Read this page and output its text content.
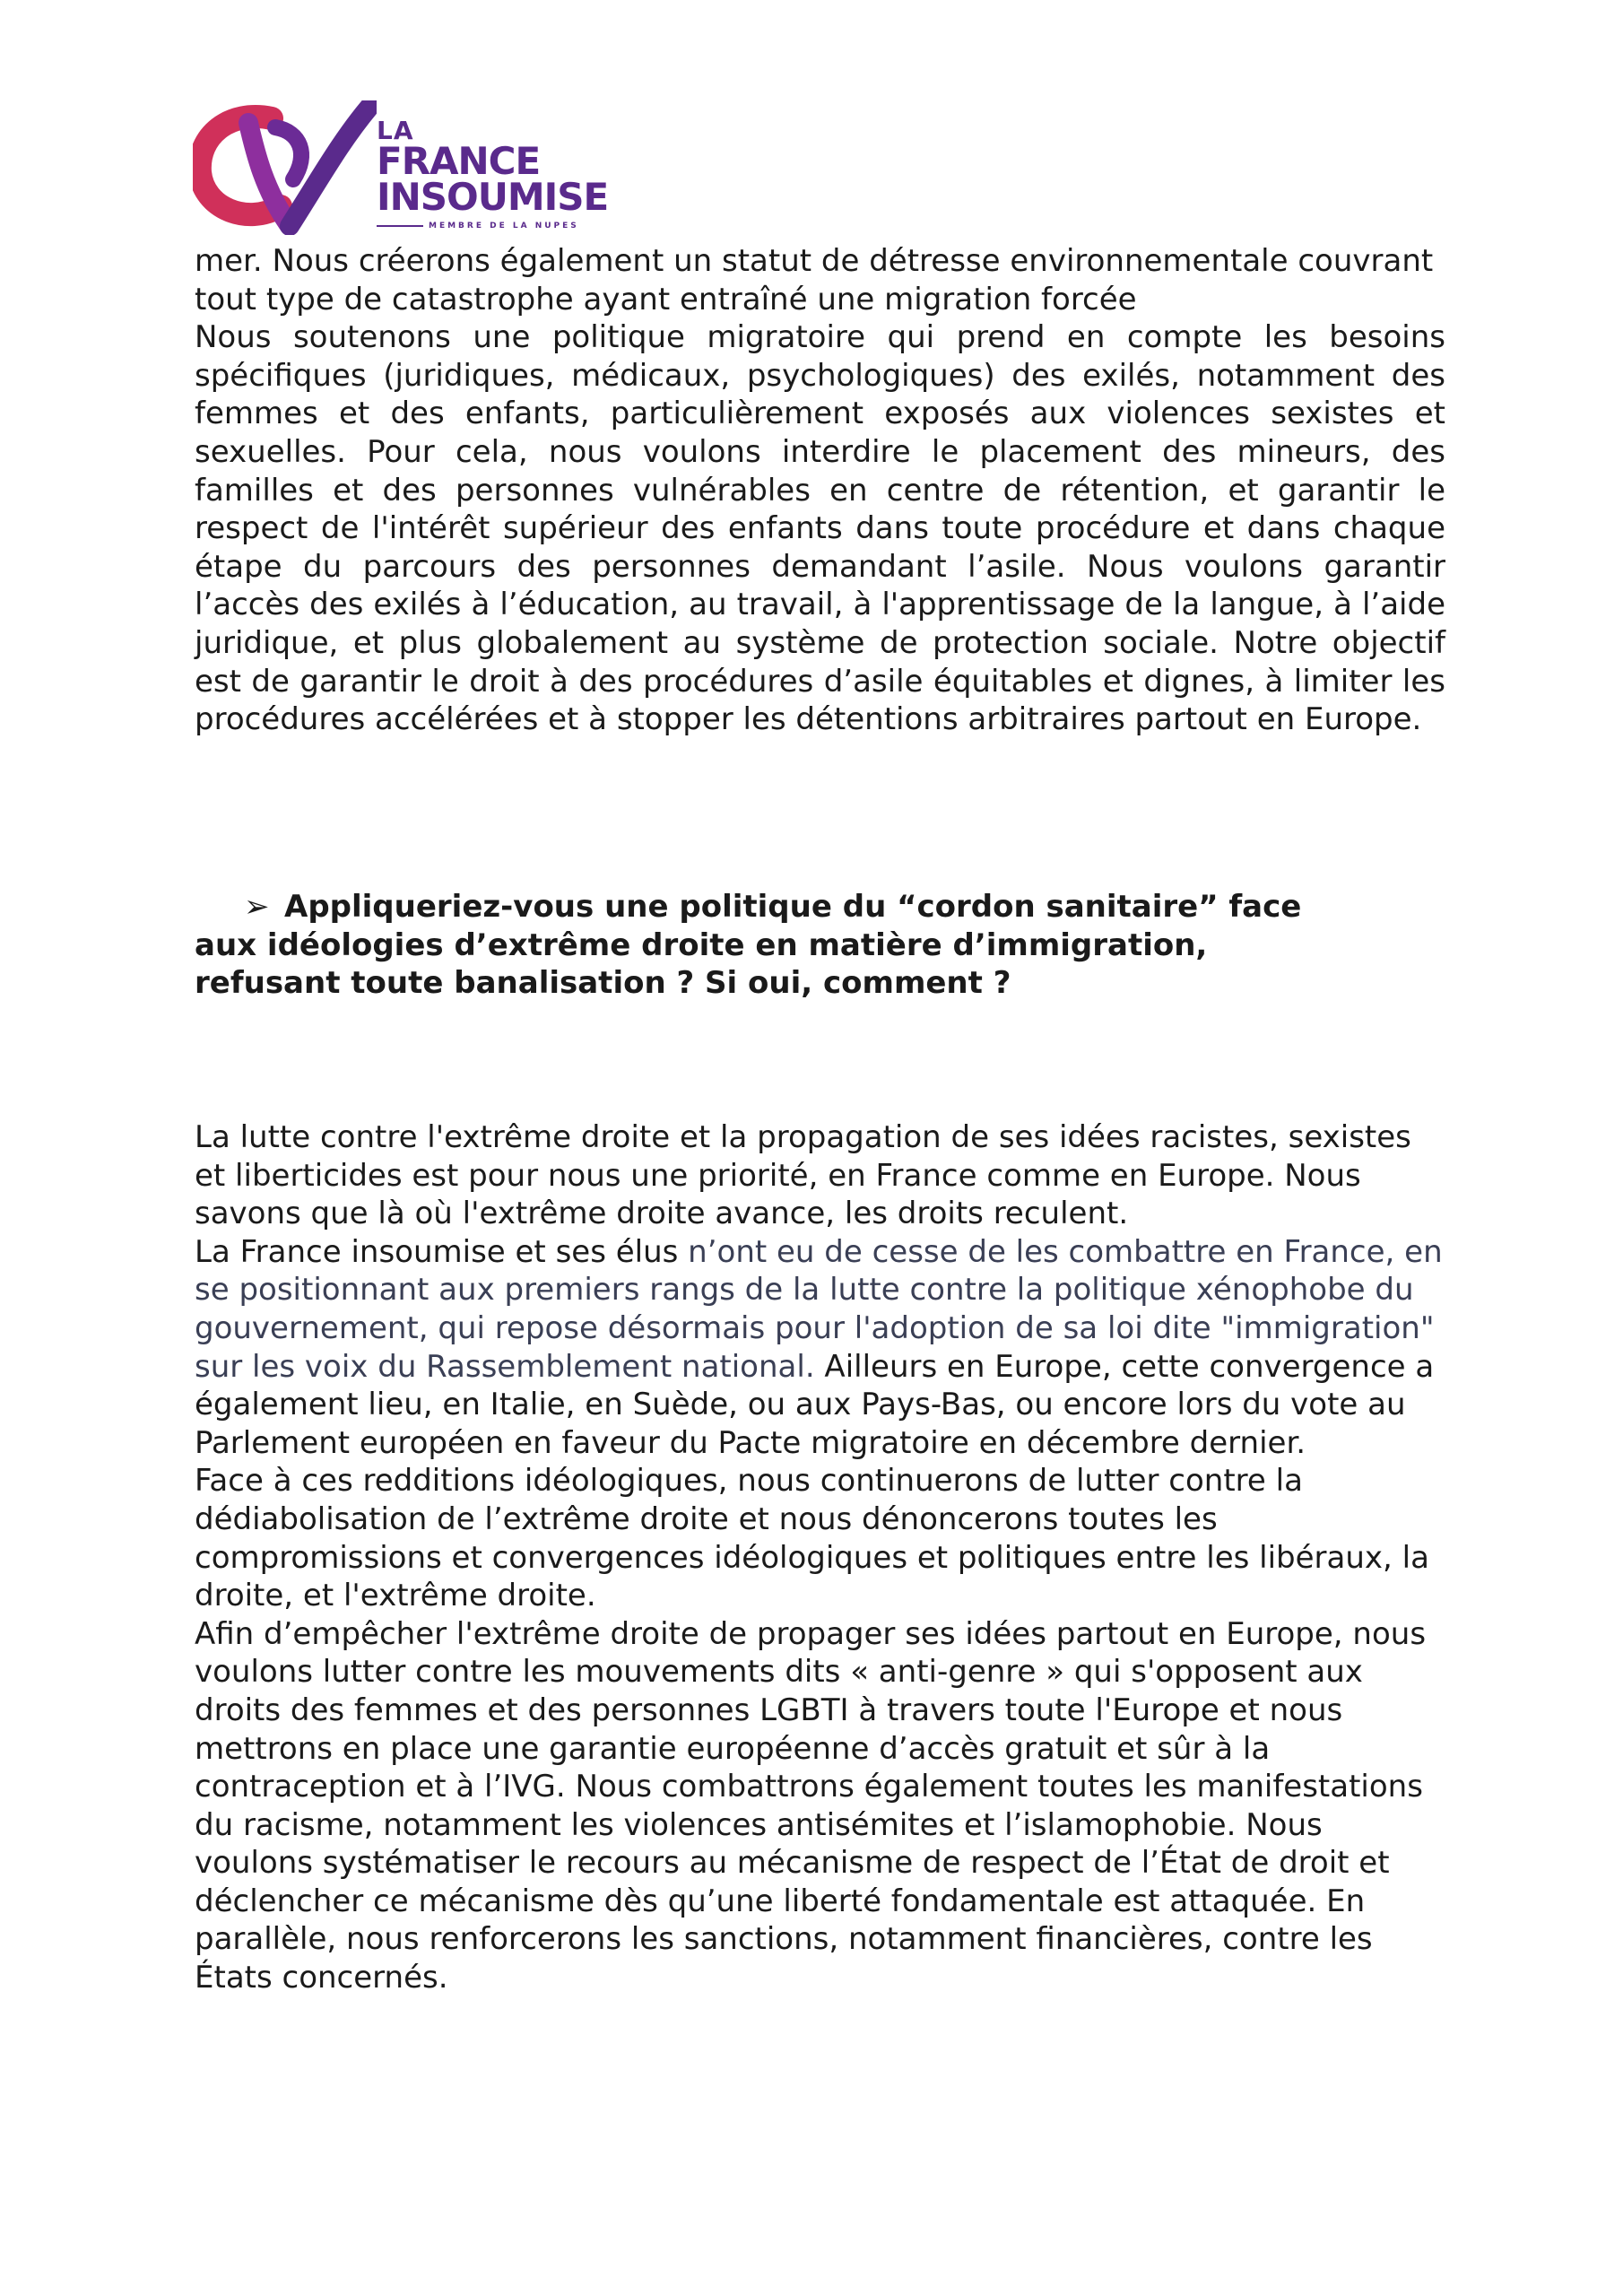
LA
FRANCE
INSOUMISE
MEMBRE DE LA NUPES

mer. Nous créerons également un statut de détresse environnementale couvrant tout type de catastrophe ayant entraîné une migration forcée

Nous soutenons une politique migratoire qui prend en compte les besoins spécifiques (juridiques, médicaux, psychologiques) des exilés, notamment des femmes et des enfants, particulièrement exposés aux violences sexistes et sexuelles. Pour cela, nous voulons interdire le placement des mineurs, des familles et des personnes vulnérables en centre de rétention, et garantir le respect de l'intérêt supérieur des enfants dans toute procédure et dans chaque étape du parcours des personnes demandant l’asile. Nous voulons garantir l’accès des exilés à l’éducation, au travail, à l'apprentissage de la langue, à l’aide juridique, et plus globalement au système de protection sociale. Notre objectif est de garantir le droit à des procédures d’asile équitables et dignes, à limiter les procédures accélérées et à stopper les détentions arbitraires partout en Europe.

➢ Appliqueriez-vous une politique du “cordon sanitaire” face aux idéologies d’extrême droite en matière d’immigration, refusant toute banalisation ? Si oui, comment ?

La lutte contre l'extrême droite et la propagation de ses idées racistes, sexistes et liberticides est pour nous une priorité, en France comme en Europe. Nous savons que là où l'extrême droite avance, les droits reculent.

La France insoumise et ses élus n’ont eu de cesse de les combattre en France, en se positionnant aux premiers rangs de la lutte contre la politique xénophobe du gouvernement, qui repose désormais pour l'adoption de sa loi dite "immigration" sur les voix du Rassemblement national. Ailleurs en Europe, cette convergence a également lieu, en Italie, en Suède, ou aux Pays-Bas, ou encore lors du vote au Parlement européen en faveur du Pacte migratoire en décembre dernier.

Face à ces redditions idéologiques, nous continuerons de lutter contre la dédiabolisation de l’extrême droite et nous dénoncerons toutes les compromissions et convergences idéologiques et politiques entre les libéraux, la droite, et l'extrême droite.

Afin d’empêcher l'extrême droite de propager ses idées partout en Europe, nous voulons lutter contre les mouvements dits « anti-genre » qui s'opposent aux droits des femmes et des personnes LGBTI à travers toute l'Europe et nous mettrons en place une garantie européenne d’accès gratuit et sûr à la contraception et à l’IVG. Nous combattrons également toutes les manifestations du racisme, notamment les violences antisémites et l’islamophobie. Nous voulons systématiser le recours au mécanisme de respect de l’État de droit et déclencher ce mécanisme dès qu’une liberté fondamentale est attaquée. En parallèle, nous renforcerons les sanctions, notamment financières, contre les États concernés.
